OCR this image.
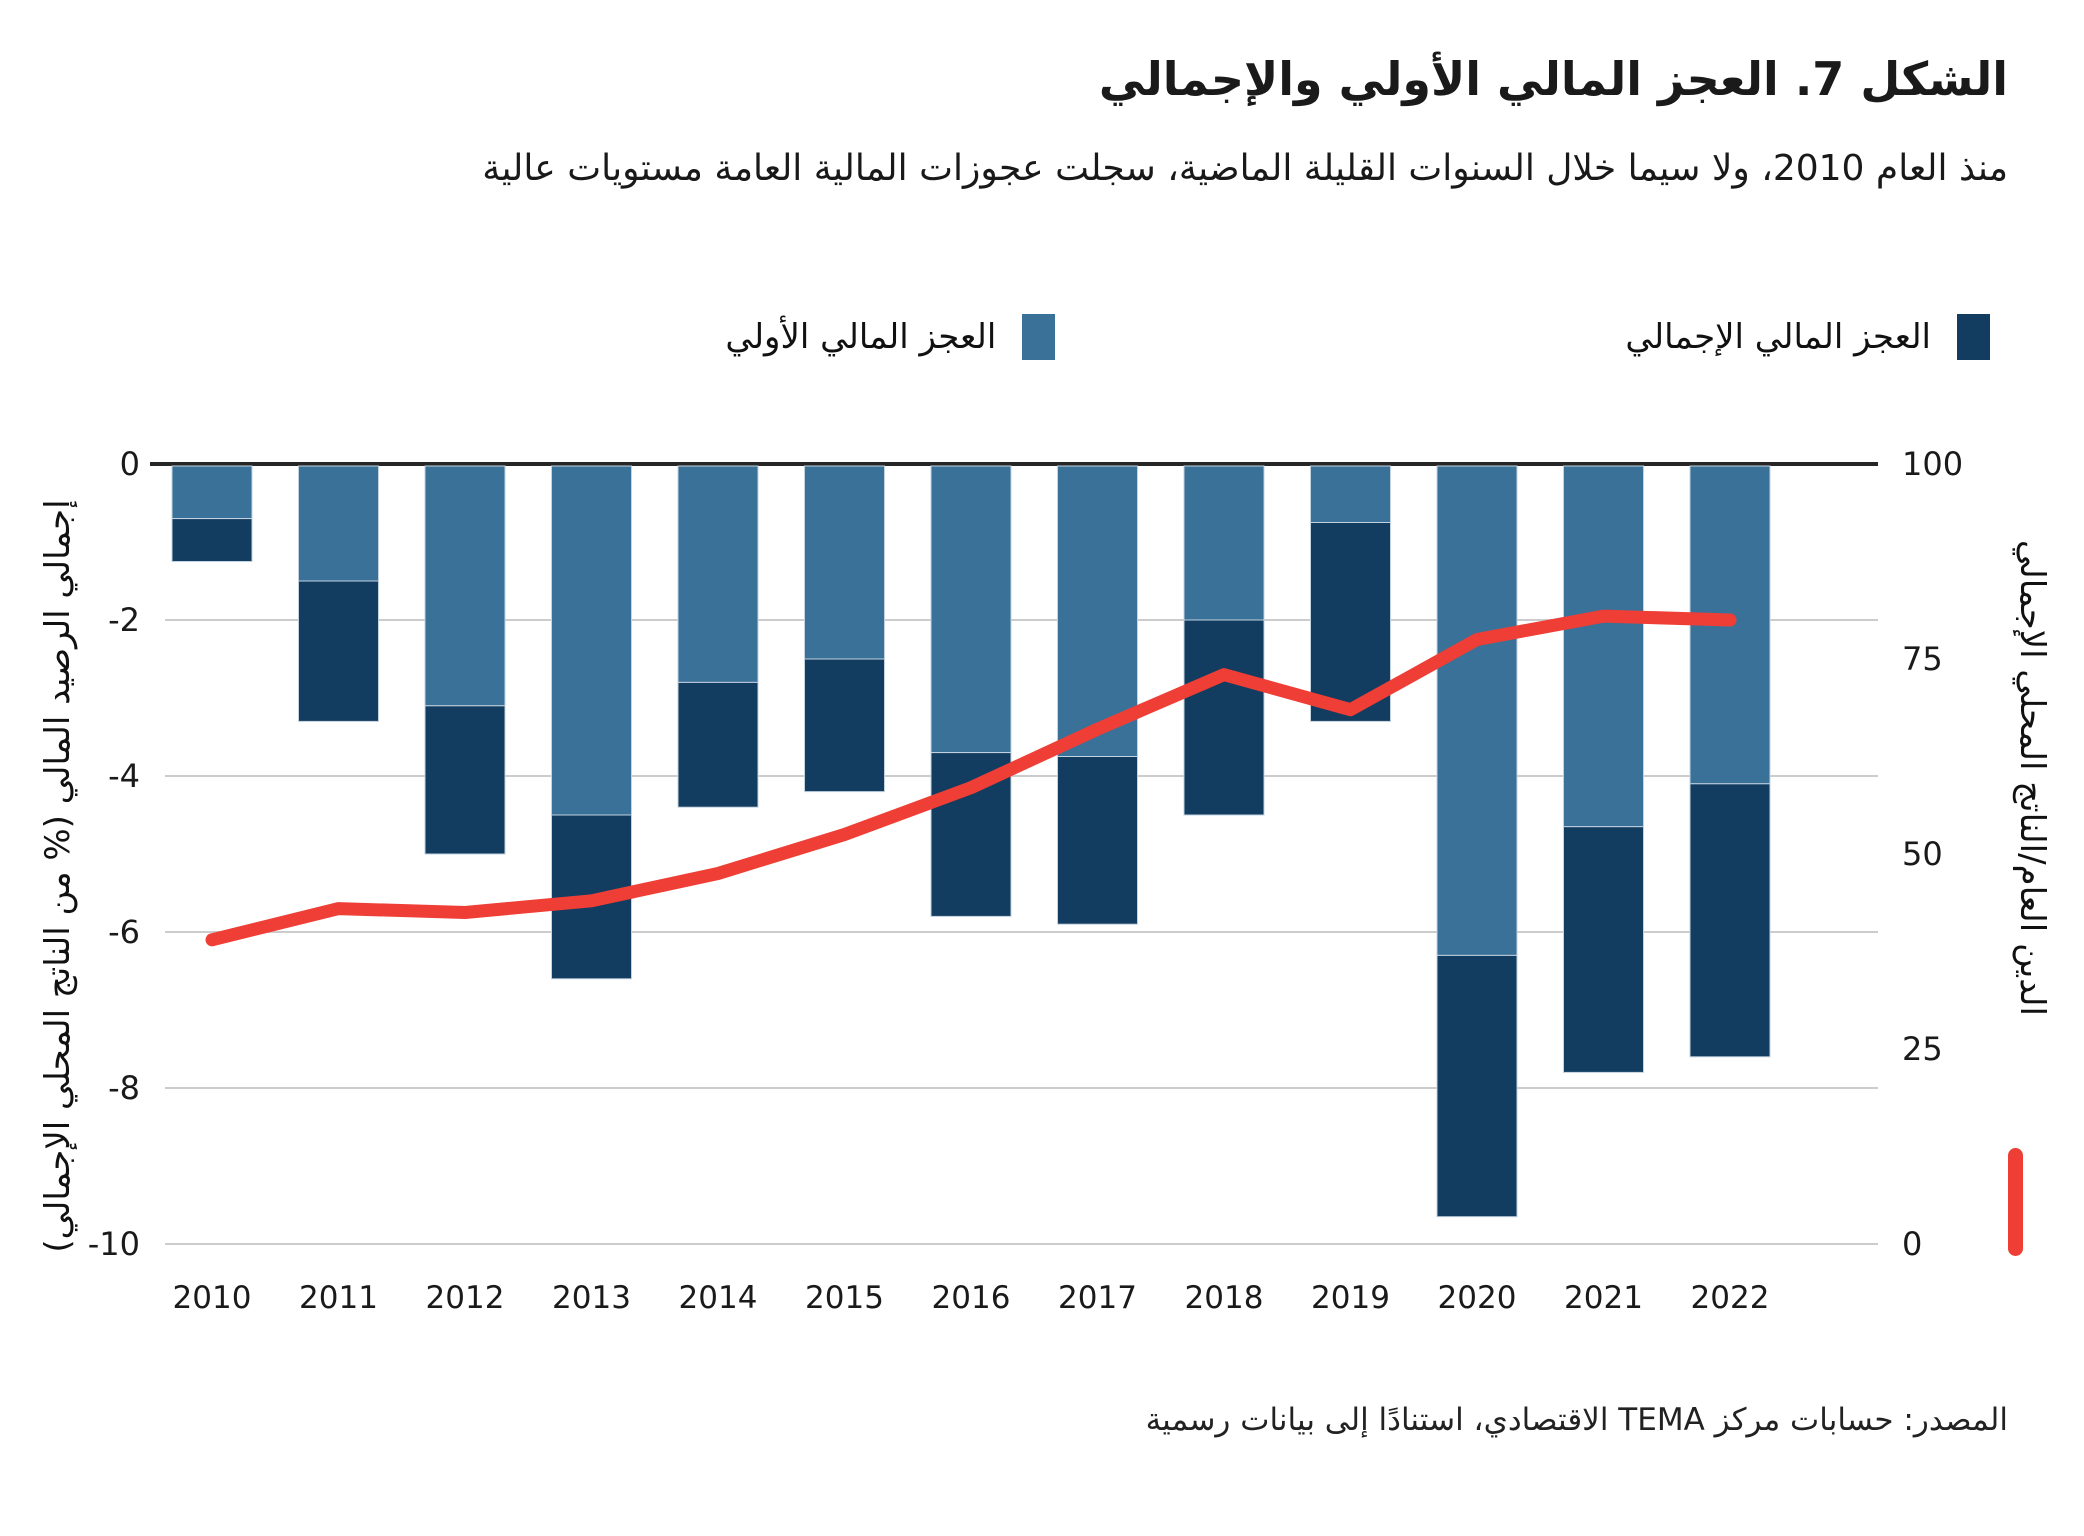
الشكل 7. العجز المالي الأولي والإجمالي
منذ العام 2010، ولا سيما خلال السنوات القليلة الماضية، سجلت عجوزات المالية العامة مستويات عالية
العجز المالي الإجمالي
العجز المالي الأولي
إجمالي الرصيد المالي (% من الناتج المحلي الإجمالي)	الدين العام/الناتج المحلي الإجمالي
0
-2
-4
-6
-8
-10
100
75
50
25
0
2010 2011 2012 2013 2014 2015 2016 2017 2018 2019 2020 2021 2022
المصدر: حسابات مركز TEMA الاقتصادي، استنادًا إلى بيانات رسمية
